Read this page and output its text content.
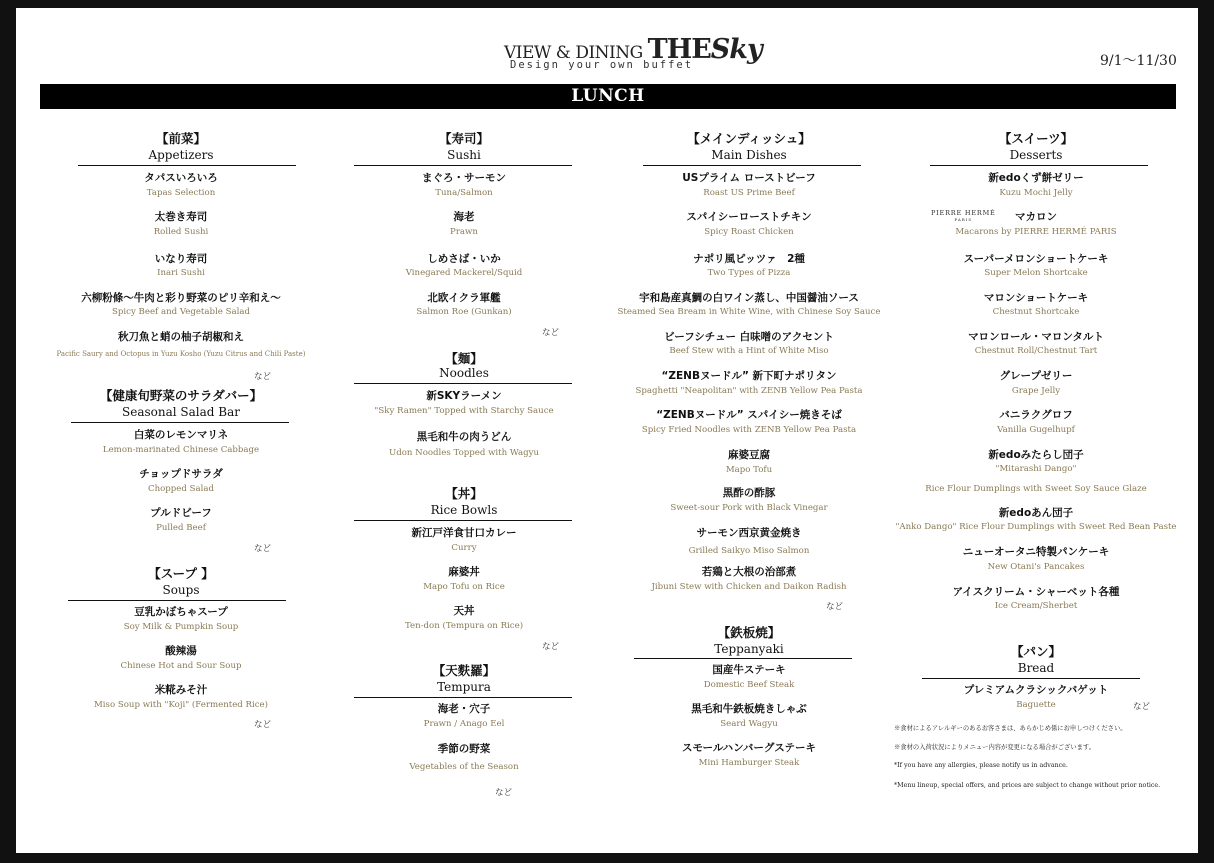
VIEW & DINING THESky
Design your own buffet	9/1～11/30
LUNCH
【前菜】
Appetizers
タパスいろいろ
Tapas Selection
太巻き寿司
Rolled Sushi
いなり寿司
Inari Sushi
六柳粉條～牛肉と彩り野菜のピリ辛和え～
Spicy Beef and Vegetable Salad
秋刀魚と蛸の柚子胡椒和え
Pacific Saury and Octopus in Yuzu Kosho (Yuzu Citrus and Chili Paste)
など
【健康旬野菜のサラダバー】
Seasonal Salad Bar
白菜のレモンマリネ
Lemon-marinated Chinese Cabbage
チョップドサラダ
Chopped Salad
プルドビーフ
Pulled Beef
など
【スープ 】
Soups
豆乳かぼちゃスープ
Soy Milk & Pumpkin Soup
酸辣湯
Chinese Hot and Sour Soup
米糀みそ汁
Miso Soup with "Koji" (Fermented Rice)
など
【寿司】
Sushi
まぐろ・サーモン
Tuna/Salmon
海老
Prawn
しめさば・いか
Vinegared Mackerel/Squid
北欧イクラ軍艦
Salmon Roe (Gunkan)
など
【麺】
Noodles
新SKYラーメン
"Sky Ramen" Topped with Starchy Sauce
黒毛和牛の肉うどん
Udon Noodles Topped with Wagyu
【丼】
Rice Bowls
新江戸洋食甘口カレー
Curry
麻婆丼
Mapo Tofu on Rice
天丼
Ten-don (Tempura on Rice)
など
【天麩羅】
Tempura
海老・穴子
Prawn / Anago Eel
季節の野菜
Vegetables of the Season
など
【メインディッシュ】
Main Dishes
USプライム ローストビーフ
Roast US Prime Beef
スパイシーローストチキン
Spicy Roast Chicken
ナポリ風ピッツァ　2種
Two Types of Pizza
宇和島産真鯛の白ワイン蒸し、中国醤油ソース
Steamed Sea Bream in White Wine, with Chinese Soy Sauce
ビーフシチュー 白味噌のアクセント
Beef Stew with a Hint of White Miso
“ZENBヌードル” 新下町ナポリタン
Spaghetti "Neapolitan" with ZENB Yellow Pea Pasta
“ZENBヌードル” スパイシー焼きそば
Spicy Fried Noodles with ZENB Yellow Pea Pasta
麻婆豆腐
Mapo Tofu
黒酢の酢豚
Sweet-sour Pork with Black Vinegar
サーモン西京黄金焼き
Grilled Saikyo Miso Salmon
若鶏と大根の治部煮
Jibuni Stew with Chicken and Daikon Radish
など
【鉄板焼】
Teppanyaki
国産牛ステーキ
Domestic Beef Steak
黒毛和牛鉄板焼きしゃぶ
Seard Wagyu
スモールハンバーグステーキ
Mini Hamburger Steak
【スイーツ】
Desserts
新edoくず餅ゼリー
Kuzu Mochi Jelly
PIERRE HERMÉ
PARIS	マカロン
Macarons by PIERRE HERMÉ PARIS
スーパーメロンショートケーキ
Super Melon Shortcake
マロンショートケーキ
Chestnut Shortcake
マロンロール・マロンタルト
Chestnut Roll/Chestnut Tart
グレープゼリー
Grape Jelly
バニラクグロフ
Vanilla Gugelhupf
新edoみたらし団子
"Mitarashi Dango"
Rice Flour Dumplings with Sweet Soy Sauce Glaze
新edoあん団子
"Anko Dango" Rice Flour Dumplings with Sweet Red Bean Paste
ニューオータニ特製パンケーキ
New Otani's Pancakes
アイスクリーム・シャーベット各種
Ice Cream/Sherbet
【パン】
Bread
プレミアムクラシックバゲット
Baguette	など
※食材によるアレルギーのあるお客さまは、あらかじめ係にお申しつけください。
※食材の入荷状況によりメニュー内容が変更になる場合がございます。
*If you have any allergies, please notify us in advance.
*Menu lineup, special offers, and prices are subject to change without prior notice.
